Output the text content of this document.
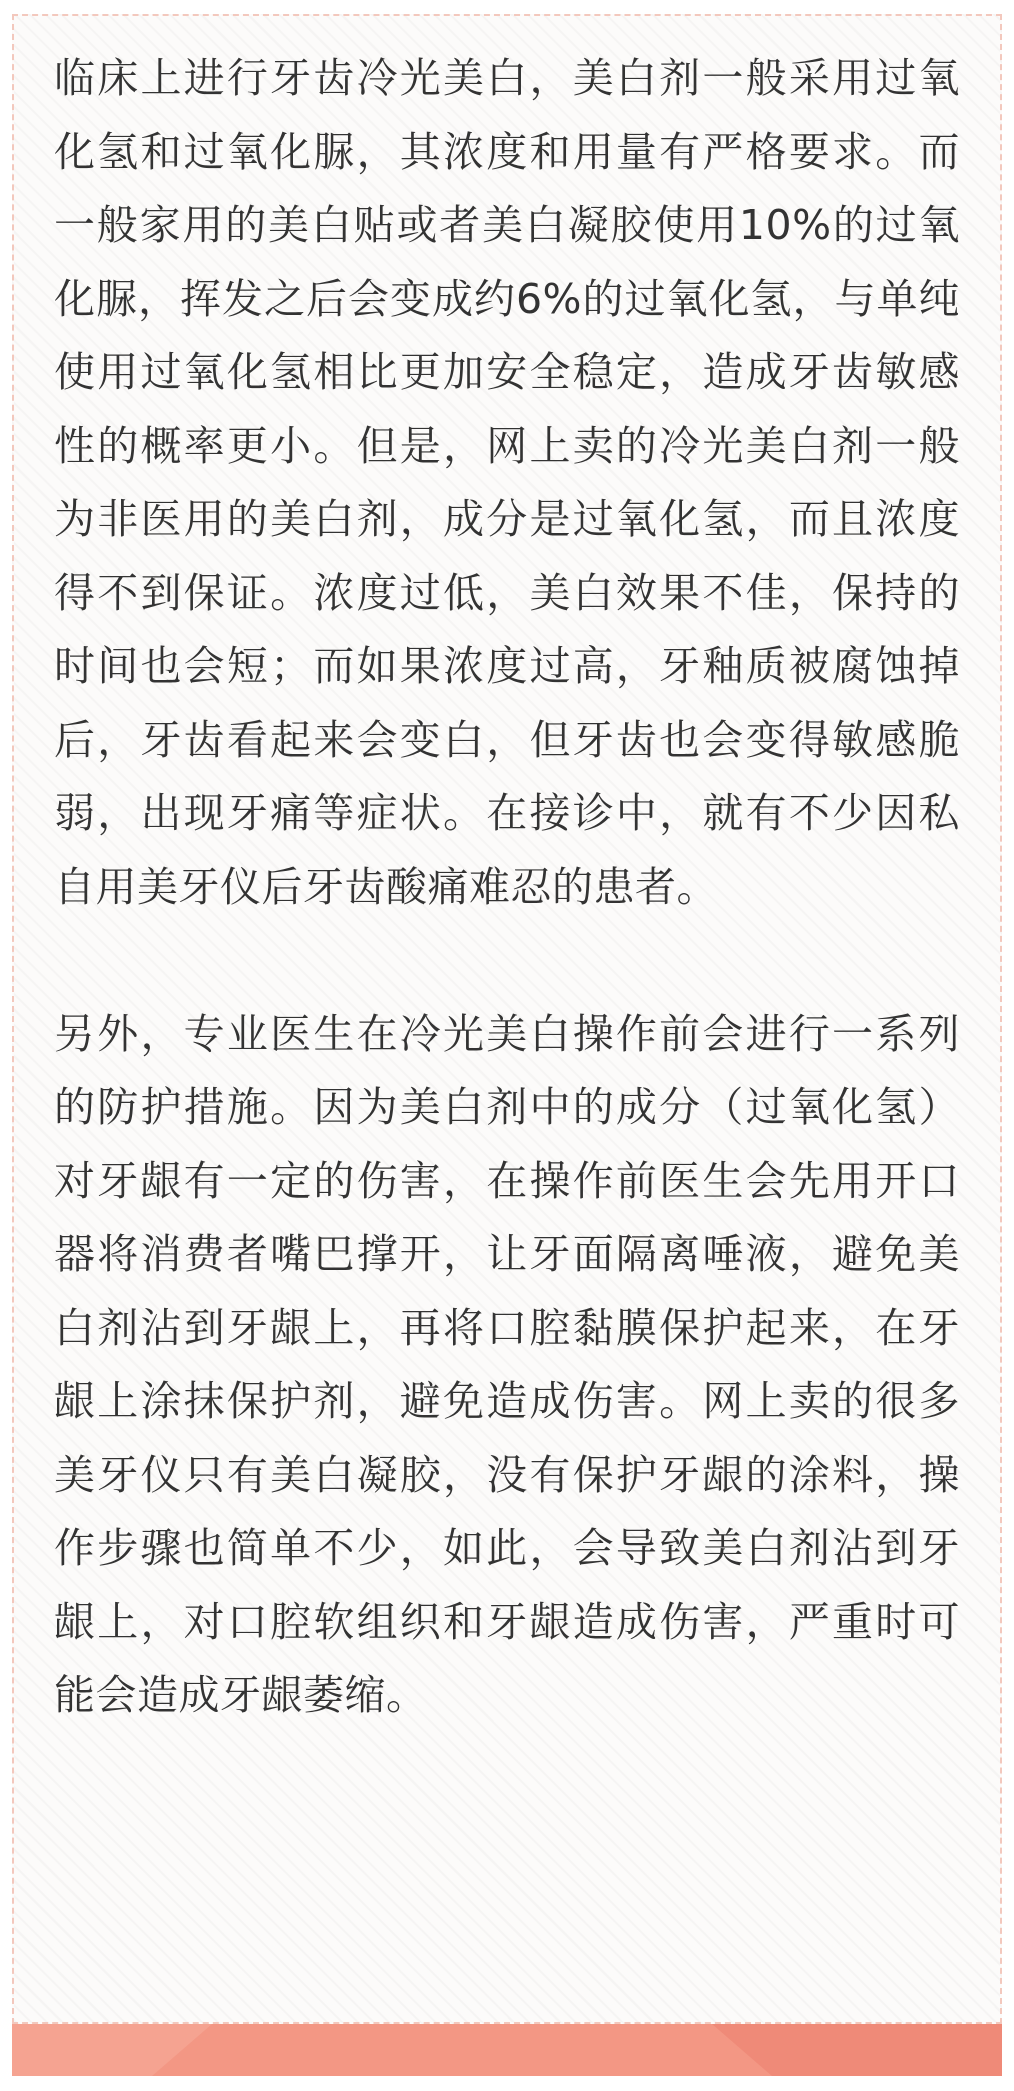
临床上进行牙齿冷光美白，美白剂一般采用过氧化氢和过氧化脲，其浓度和用量有严格要求。而一般家用的美白贴或者美白凝胶使用10%的过氧化脲，挥发之后会变成约6%的过氧化氢，与单纯使用过氧化氢相比更加安全稳定，造成牙齿敏感性的概率更小。但是，网上卖的冷光美白剂一般为非医用的美白剂，成分是过氧化氢，而且浓度得不到保证。浓度过低，美白效果不佳，保持的时间也会短；而如果浓度过高，牙釉质被腐蚀掉后，牙齿看起来会变白，但牙齿也会变得敏感脆弱，出现牙痛等症状。在接诊中，就有不少因私自用美牙仪后牙齿酸痛难忍的患者。

另外，专业医生在冷光美白操作前会进行一系列的防护措施。因为美白剂中的成分（过氧化氢）对牙龈有一定的伤害，在操作前医生会先用开口器将消费者嘴巴撑开，让牙面隔离唾液，避免美白剂沾到牙龈上，再将口腔黏膜保护起来，在牙龈上涂抹保护剂，避免造成伤害。网上卖的很多美牙仪只有美白凝胶，没有保护牙龈的涂料，操作步骤也简单不少，如此，会导致美白剂沾到牙龈上，对口腔软组织和牙龈造成伤害，严重时可能会造成牙龈萎缩。
